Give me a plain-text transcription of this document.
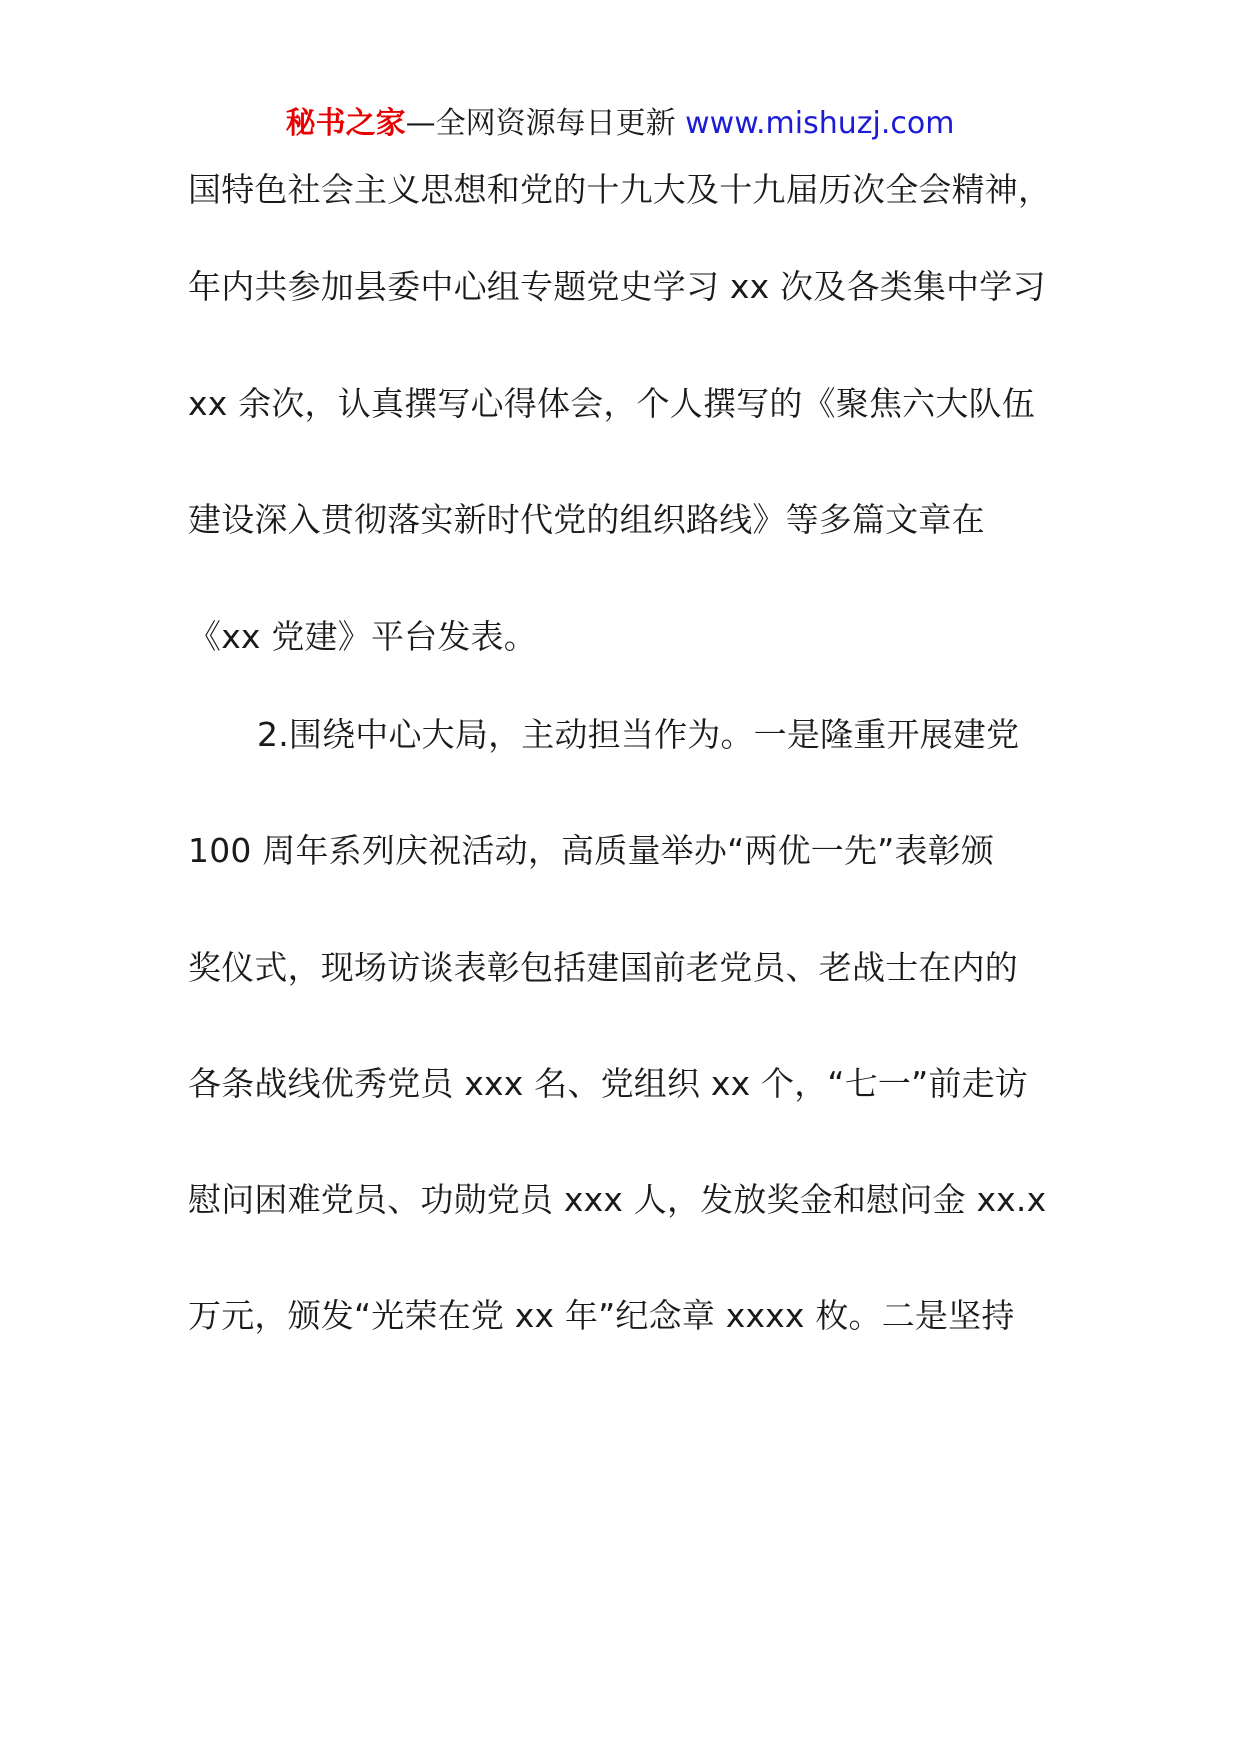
秘书之家—全网资源每日更新 www.mishuzj.com
国特色社会主义思想和党的十九大及十九届历次全会精神，
年内共参加县委中心组专题党史学习 xx 次及各类集中学习
xx 余次，认真撰写心得体会，个人撰写的《聚焦六大队伍
建设深入贯彻落实新时代党的组织路线》等多篇文章在
《xx 党建》平台发表。
2.围绕中心大局，主动担当作为。一是隆重开展建党
100 周年系列庆祝活动，高质量举办“两优一先”表彰颁
奖仪式，现场访谈表彰包括建国前老党员、老战士在内的
各条战线优秀党员 xxx 名、党组织 xx 个，“七一”前走访
慰问困难党员、功勋党员 xxx 人，发放奖金和慰问金 xx.x
万元，颁发“光荣在党 xx 年”纪念章 xxxx 枚。二是坚持
